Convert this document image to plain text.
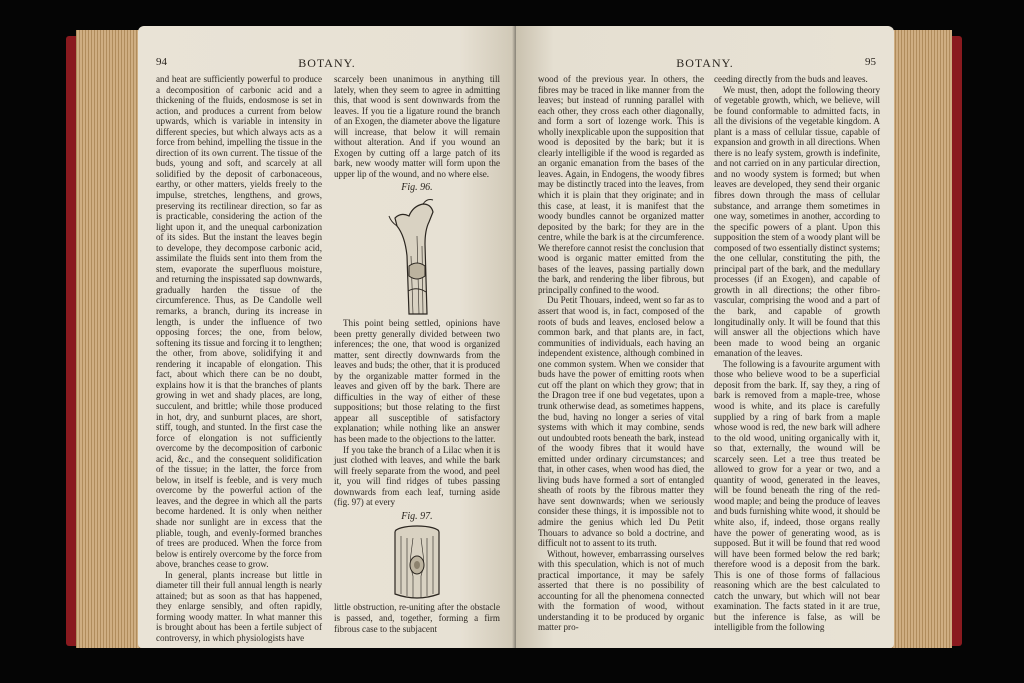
94	BOTANY.

and heat are sufficiently powerful to produce a decomposition of carbonic acid and a thickening of the fluids, endosmose is set in action, and produces a current from below upwards, which is variable in intensity in different species, but which always acts as a force from behind, impelling the tissue in the direction of its own current. The tissue of the buds, young and soft, and scarcely at all solidified by the deposit of carbonaceous, earthy, or other matters, yields freely to the impulse, stretches, lengthens, and grows, preserving its rectilinear direction, so far as is practicable, considering the action of the light upon it, and the unequal carbonization of its sides. But the instant the leaves begin to develope, they decompose carbonic acid, assimilate the fluids sent into them from the stem, evaporate the superfluous moisture, and returning the inspissated sap downwards, gradually harden the tissue of the circumference. Thus, as De Candolle well remarks, a branch, during its increase in length, is under the influence of two opposing forces; the one, from below, softening its tissue and forcing it to lengthen; the other, from above, solidifying it and rendering it incapable of elongation. This fact, about which there can be no doubt, explains how it is that the branches of plants growing in wet and shady places, are long, succulent, and brittle; while those produced in hot, dry, and sunburnt places, are short, stiff, tough, and stunted. In the first case the force of elongation is not sufficiently overcome by the decomposition of carbonic acid, &c., and the consequent solidification of the tissue; in the latter, the force from below, in itself is feeble, and is very much overcome by the powerful action of the leaves, and the degree in which all the parts become hardened. It is only when neither shade nor sunlight are in excess that the pliable, tough, and evenly-formed branches of trees are produced. When the force from below is entirely overcome by the force from above, branches cease to grow.

In general, plants increase but little in diameter till their full annual length is nearly attained; but as soon as that has happened, they enlarge sensibly, and often rapidly, forming woody matter. In what manner this is brought about has been a fertile subject of controversy, in which physiologists have

scarcely been unanimous in anything till lately, when they seem to agree in admitting this, that wood is sent downwards from the leaves. If you tie a ligature round the branch of an Exogen, the diameter above the ligature will increase, that below it will remain without alteration. And if you wound an Exogen by cutting off a large patch of its bark, new woody matter will form upon the upper lip of the wound, and no where else.

Fig. 96.

This point being settled, opinions have been pretty generally divided between two inferences; the one, that wood is organized matter, sent directly downwards from the leaves and buds; the other, that it is produced by the organizable matter formed in the leaves and given off by the bark. There are difficulties in the way of either of these suppositions; but those relating to the first appear all susceptible of satisfactory explanation; while nothing like an answer has been made to the objections to the latter.

If you take the branch of a Lilac when it is just clothed with leaves, and while the bark will freely separate from the wood, and peel it, you will find ridges of tubes passing downwards from each leaf, turning aside (fig. 97) at every

Fig. 97.

little obstruction, re-uniting after the obstacle is passed, and, together, forming a firm fibrous case to the subjacent

BOTANY.	95

wood of the previous year. In others, the fibres may be traced in like manner from the leaves; but instead of running parallel with each other, they cross each other diagonally, and form a sort of lozenge work. This is wholly inexplicable upon the supposition that wood is deposited by the bark; but it is clearly intelligible if the wood is regarded as an organic emanation from the bases of the leaves. Again, in Endogens, the woody fibres may be distinctly traced into the leaves, from which it is plain that they originate; and in this case, at least, it is manifest that the woody bundles cannot be organized matter deposited by the bark; for they are in the centre, while the bark is at the circumference. We therefore cannot resist the conclusion that wood is organic matter emitted from the bases of the leaves, passing partially down the bark, and rendering the liber fibrous, but principally confined to the wood.

Du Petit Thouars, indeed, went so far as to assert that wood is, in fact, composed of the roots of buds and leaves, enclosed below a common bark, and that plants are, in fact, communities of individuals, each having an independent existence, although combined in one common system. When we consider that buds have the power of emitting roots when cut off the plant on which they grow; that in the Dragon tree if one bud vegetates, upon a trunk otherwise dead, as sometimes happens, the bud, having no longer a series of vital systems with which it may combine, sends out undoubted roots beneath the bark, instead of the woody fibres that it would have emitted under ordinary circumstances; and that, in other cases, when wood has died, the living buds have formed a sort of entangled sheath of roots by the fibrous matter they have sent downwards; when we seriously consider these things, it is impossible not to admire the genius which led Du Petit Thouars to advance so bold a doctrine, and difficult not to assent to its truth.

Without, however, embarrassing ourselves with this speculation, which is not of much practical importance, it may be safely asserted that there is no possibility of accounting for all the phenomena connected with the formation of wood, without understanding it to be produced by organic matter pro-

ceeding directly from the buds and leaves.

We must, then, adopt the following theory of vegetable growth, which, we believe, will be found conformable to admitted facts, in all the divisions of the vegetable kingdom. A plant is a mass of cellular tissue, capable of expansion and growth in all directions. When there is no leafy system, growth is indefinite, and not carried on in any particular direction, and no woody system is formed; but when leaves are developed, they send their organic fibres down through the mass of cellular substance, and arrange them sometimes in one way, sometimes in another, according to the specific powers of a plant. Upon this supposition the stem of a woody plant will be composed of two essentially distinct systems; the one cellular, constituting the pith, the principal part of the bark, and the medullary processes (if an Exogen), and capable of growth in all directions; the other fibro-vascular, comprising the wood and a part of the bark, and capable of growth longitudinally only. It will be found that this will answer all the objections which have been made to wood being an organic emanation of the leaves.

The following is a favourite argument with those who believe wood to be a superficial deposit from the bark. If, say they, a ring of bark is removed from a maple-tree, whose wood is white, and its place is carefully supplied by a ring of bark from a maple whose wood is red, the new bark will adhere to the old wood, uniting organically with it, so that, externally, the wound will be scarcely seen. Let a tree thus treated be allowed to grow for a year or two, and a quantity of wood, generated in the leaves, will be found beneath the ring of the red-wood maple; and being the produce of leaves and buds furnishing white wood, it should be white also, if, indeed, those organs really have the power of generating wood, as is supposed. But it will be found that red wood will have been formed below the red bark; therefore wood is a deposit from the bark. This is one of those forms of fallacious reasoning which are the best calculated to catch the unwary, but which will not bear examination. The facts stated in it are true, but the inference is false, as will be intelligible from the following
